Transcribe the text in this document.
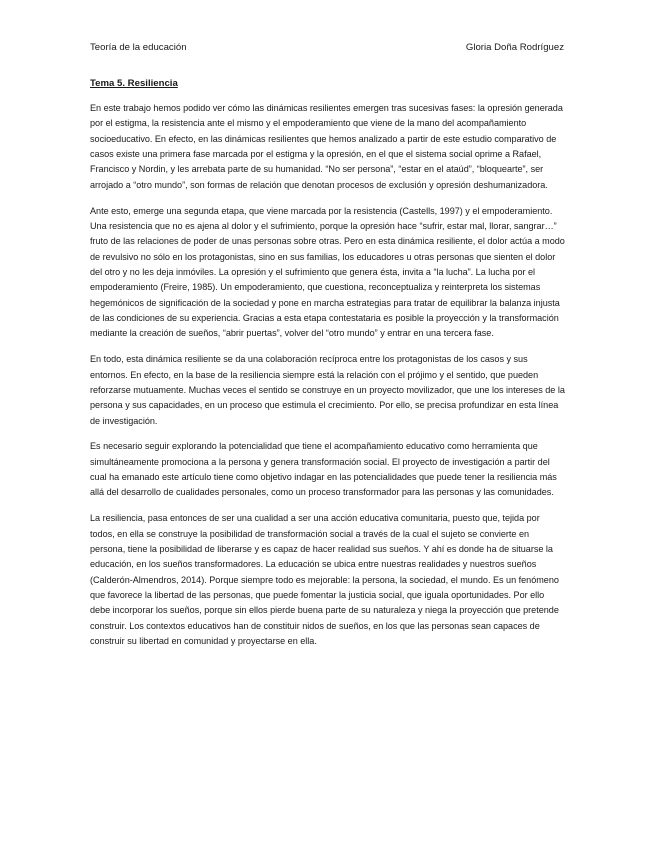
Teoría de la educación	Gloria Doña Rodríguez
Tema 5. Resiliencia

En este trabajo hemos podido ver cómo las dinámicas resilientes emergen tras sucesivas fases: la opresión generada por el estigma, la resistencia ante el mismo y el empoderamiento que viene de la mano del acompañamiento socioeducativo. En efecto, en las dinámicas resilientes que hemos analizado a partir de este estudio comparativo de casos existe una primera fase marcada por el estigma y la opresión, en el que el sistema social oprime a Rafael, Francisco y Nordin, y les arrebata parte de su humanidad. “No ser persona”, “estar en el ataúd”, “bloquearte”, ser arrojado a “otro mundo”, son formas de relación que denotan procesos de exclusión y opresión deshumanizadora.

Ante esto, emerge una segunda etapa, que viene marcada por la resistencia (Castells, 1997) y el empoderamiento. Una resistencia que no es ajena al dolor y el sufrimiento, porque la opresión hace “sufrir, estar mal, llorar, sangrar…” fruto de las relaciones de poder de unas personas sobre otras. Pero en esta dinámica resiliente, el dolor actúa a modo de revulsivo no sólo en los protagonistas, sino en sus familias, los educadores u otras personas que sienten el dolor del otro y no les deja inmóviles. La opresión y el sufrimiento que genera ésta, invita a “la lucha”. La lucha por el empoderamiento (Freire, 1985). Un empoderamiento, que cuestiona, reconceptualiza y reinterpreta los sistemas hegemónicos de significación de la sociedad y pone en marcha estrategias para tratar de equilibrar la balanza injusta de las condiciones de su experiencia. Gracias a esta etapa contestataria es posible la proyección y la transformación mediante la creación de sueños, “abrir puertas”, volver del “otro mundo” y entrar en una tercera fase.

En todo, esta dinámica resiliente se da una colaboración recíproca entre los protagonistas de los casos y sus entornos. En efecto, en la base de la resiliencia siempre está la relación con el prójimo y el sentido, que pueden reforzarse mutuamente. Muchas veces el sentido se construye en un proyecto movilizador, que une los intereses de la persona y sus capacidades, en un proceso que estimula el crecimiento. Por ello, se precisa profundizar en esta línea de investigación.

Es necesario seguir explorando la potencialidad que tiene el acompañamiento educativo como herramienta que simultáneamente promociona a la persona y genera transformación social. El proyecto de investigación a partir del cual ha emanado este artículo tiene como objetivo indagar en las potencialidades que puede tener la resiliencia más allá del desarrollo de cualidades personales, como un proceso transformador para las personas y las comunidades.

La resiliencia, pasa entonces de ser una cualidad a ser una acción educativa comunitaria, puesto que, tejida por todos, en ella se construye la posibilidad de transformación social a través de la cual el sujeto se convierte en persona, tiene la posibilidad de liberarse y es capaz de hacer realidad sus sueños. Y ahí es donde ha de situarse la educación, en los sueños transformadores. La educación se ubica entre nuestras realidades y nuestros sueños (Calderón-Almendros, 2014). Porque siempre todo es mejorable: la persona, la sociedad, el mundo. Es un fenómeno que favorece la libertad de las personas, que puede fomentar la justicia social, que iguala oportunidades. Por ello debe incorporar los sueños, porque sin ellos pierde buena parte de su naturaleza y niega la proyección que pretende construir. Los contextos educativos han de constituir nidos de sueños, en los que las personas sean capaces de construir su libertad en comunidad y proyectarse en ella.
